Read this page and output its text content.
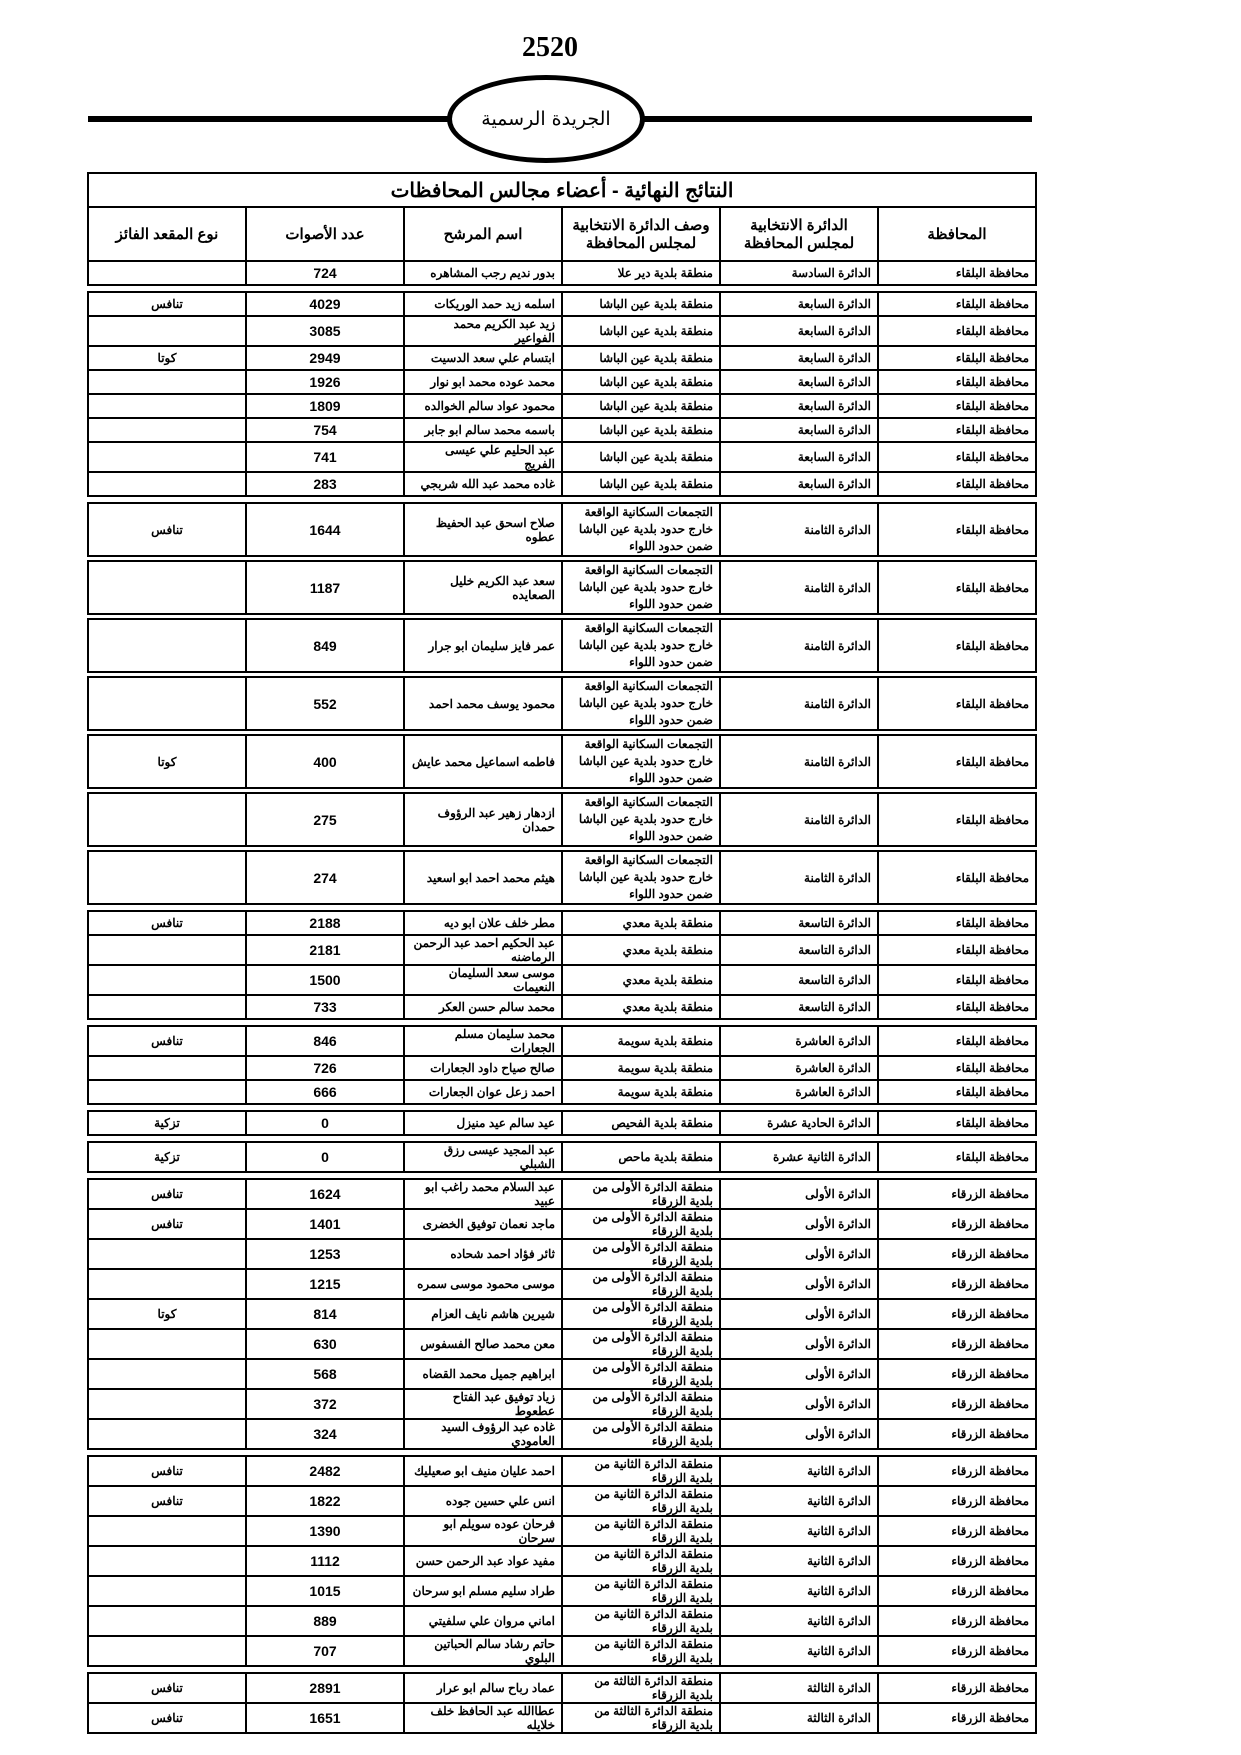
2520
الجريدة الرسمية
النتائج النهائية - أعضاء مجالس المحافظات					
المحافظة	الدائرة الانتخابية لمجلس المحافظة	وصف الدائرة الانتخابية لمجلس المحافظة	اسم المرشح	عدد الأصوات	نوع المقعد الفائز
محافظة البلقاء	الدائرة السادسة	منطقة بلدية دير علا	بدور نديم رجب المشاهره	724	

محافظة البلقاء	الدائرة السابعة	منطقة بلدية عين الباشا	اسلمه زيد حمد الوريكات	4029	تنافس
محافظة البلقاء	الدائرة السابعة	منطقة بلدية عين الباشا	زيد عبد الكريم محمد الفواعير	3085	
محافظة البلقاء	الدائرة السابعة	منطقة بلدية عين الباشا	ابتسام علي سعد الدسيت	2949	كوتا
محافظة البلقاء	الدائرة السابعة	منطقة بلدية عين الباشا	محمد عوده محمد ابو نوار	1926	
محافظة البلقاء	الدائرة السابعة	منطقة بلدية عين الباشا	محمود عواد سالم الخوالده	1809	
محافظة البلقاء	الدائرة السابعة	منطقة بلدية عين الباشا	باسمه محمد سالم ابو جابر	754	
محافظة البلقاء	الدائرة السابعة	منطقة بلدية عين الباشا	عبد الحليم علي عيسى الفريج	741	
محافظة البلقاء	الدائرة السابعة	منطقة بلدية عين الباشا	غاده محمد عبد الله شربجي	283	

محافظة البلقاء	الدائرة الثامنة	التجمعات السكانية الواقعة خارج حدود بلدية عين الباشا ضمن حدود اللواء	صلاح اسحق عبد الحفيظ عطوه	1644	تنافس

محافظة البلقاء	الدائرة الثامنة	التجمعات السكانية الواقعة خارج حدود بلدية عين الباشا ضمن حدود اللواء	سعد عبد الكريم خليل الصعايده	1187	

محافظة البلقاء	الدائرة الثامنة	التجمعات السكانية الواقعة خارج حدود بلدية عين الباشا ضمن حدود اللواء	عمر فايز سليمان ابو جرار	849	

محافظة البلقاء	الدائرة الثامنة	التجمعات السكانية الواقعة خارج حدود بلدية عين الباشا ضمن حدود اللواء	محمود يوسف محمد احمد	552	

محافظة البلقاء	الدائرة الثامنة	التجمعات السكانية الواقعة خارج حدود بلدية عين الباشا ضمن حدود اللواء	فاطمه اسماعيل محمد عايش	400	كوتا

محافظة البلقاء	الدائرة الثامنة	التجمعات السكانية الواقعة خارج حدود بلدية عين الباشا ضمن حدود اللواء	ازدهار زهير عبد الرؤوف حمدان	275	

محافظة البلقاء	الدائرة الثامنة	التجمعات السكانية الواقعة خارج حدود بلدية عين الباشا ضمن حدود اللواء	هيثم محمد احمد ابو اسعيد	274	

محافظة البلقاء	الدائرة التاسعة	منطقة بلدية معدي	مطر خلف علان ابو ديه	2188	تنافس
محافظة البلقاء	الدائرة التاسعة	منطقة بلدية معدي	عبد الحكيم احمد عبد الرحمن الرماضنه	2181	
محافظة البلقاء	الدائرة التاسعة	منطقة بلدية معدي	موسى سعد السليمان النعيمات	1500	
محافظة البلقاء	الدائرة التاسعة	منطقة بلدية معدي	محمد سالم حسن العكر	733	

محافظة البلقاء	الدائرة العاشرة	منطقة بلدية سويمة	محمد سليمان مسلم الجعارات	846	تنافس
محافظة البلقاء	الدائرة العاشرة	منطقة بلدية سويمة	صالح صياح داود الجعارات	726	
محافظة البلقاء	الدائرة العاشرة	منطقة بلدية سويمة	احمد زعل عوان الجعارات	666	

محافظة البلقاء	الدائرة الحادية عشرة	منطقة بلدية الفحيص	عيد سالم عيد منيزل	0	تزكية

محافظة البلقاء	الدائرة الثانية عشرة	منطقة بلدية ماحص	عبد المجيد عيسى رزق الشبلي	0	تزكية

محافظة الزرقاء	الدائرة الأولى	منطقة الدائرة الأولى من بلدية الزرقاء	عبد السلام محمد راغب ابو عبيد	1624	تنافس
محافظة الزرقاء	الدائرة الأولى	منطقة الدائرة الأولى من بلدية الزرقاء	ماجد نعمان توفيق الخضرى	1401	تنافس
محافظة الزرقاء	الدائرة الأولى	منطقة الدائرة الأولى من بلدية الزرقاء	ثائر فؤاد احمد شحاده	1253	
محافظة الزرقاء	الدائرة الأولى	منطقة الدائرة الأولى من بلدية الزرقاء	موسى محمود موسى سمره	1215	
محافظة الزرقاء	الدائرة الأولى	منطقة الدائرة الأولى من بلدية الزرقاء	شيرين هاشم نايف العزام	814	كوتا
محافظة الزرقاء	الدائرة الأولى	منطقة الدائرة الأولى من بلدية الزرقاء	معن محمد صالح الفسفوس	630	
محافظة الزرقاء	الدائرة الأولى	منطقة الدائرة الأولى من بلدية الزرقاء	ابراهيم جميل محمد القضاه	568	
محافظة الزرقاء	الدائرة الأولى	منطقة الدائرة الأولى من بلدية الزرقاء	زياد توفيق عبد الفتاح عطعوط	372	
محافظة الزرقاء	الدائرة الأولى	منطقة الدائرة الأولى من بلدية الزرقاء	غاده عبد الرؤوف السيد العامودي	324	

محافظة الزرقاء	الدائرة الثانية	منطقة الدائرة الثانية من بلدية الزرقاء	احمد عليان منيف ابو صعيليك	2482	تنافس
محافظة الزرقاء	الدائرة الثانية	منطقة الدائرة الثانية من بلدية الزرقاء	انس علي حسين جوده	1822	تنافس
محافظة الزرقاء	الدائرة الثانية	منطقة الدائرة الثانية من بلدية الزرقاء	فرحان عوده سويلم ابو سرحان	1390	
محافظة الزرقاء	الدائرة الثانية	منطقة الدائرة الثانية من بلدية الزرقاء	مفيد عواد عبد الرحمن حسن	1112	
محافظة الزرقاء	الدائرة الثانية	منطقة الدائرة الثانية من بلدية الزرقاء	طراد سليم مسلم ابو سرحان	1015	
محافظة الزرقاء	الدائرة الثانية	منطقة الدائرة الثانية من بلدية الزرقاء	اماني مروان علي سلفيتي	889	
محافظة الزرقاء	الدائرة الثانية	منطقة الدائرة الثانية من بلدية الزرقاء	حاتم رشاد سالم الحباتين البلوي	707	

محافظة الزرقاء	الدائرة الثالثة	منطقة الدائرة الثالثة من بلدية الزرقاء	عماد رباح سالم ابو عرار	2891	تنافس
محافظة الزرقاء	الدائرة الثالثة	منطقة الدائرة الثالثة من بلدية الزرقاء	عطاالله عبد الحافظ خلف خلايله	1651	تنافس
